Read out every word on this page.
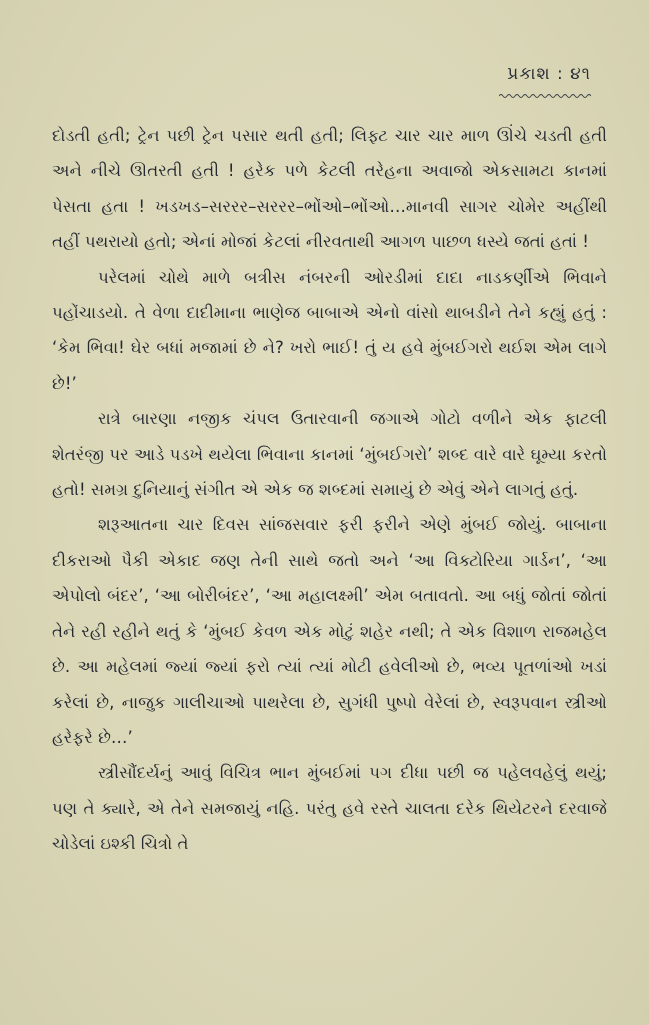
પ્રકાશ : ૪૧

દોડતી હતી; ટ્રેન પછી ટ્રેન પસાર થતી હતી; લિફ્ટ ચાર ચાર માળ ઊંચે ચડતી હતી અને નીચે ઊતરતી હતી ! હરેક પળે કેટલી તરેહના અવાજો એકસામટા કાનમાં પેસતા હતા ! ખડખડ–સરરર–સરરર–ભોંઓ–ભોંઓ…માનવી સાગર ચોમેર અહીંથી તહીં પથરાયો હતો; એનાં મોજાં કેટલાં નીરવતાથી આગળ પાછળ ધસ્યે જતાં હતાં !

પરેલમાં ચોથે માળે બત્રીસ નંબરની ઓરડીમાં દાદા નાડકર્ણીએ ભિવાને પહોંચાડયો. તે વેળા દાદીમાના ભાણેજ બાબાએ એનો વાંસો થાબડીને તેને કહ્યું હતું : ‘કેમ ભિવા! ઘેર બધાં મજામાં છે ને? ખરો ભાઈ! તું ય હવે મુંબઈગરો થઈશ એમ લાગે છે!’

રાત્રે બારણા નજીક ચંપલ ઉતારવાની જગાએ ગોટો વળીને એક ફાટલી શેતરંજી પર આડે પડખે થયેલા ભિવાના કાનમાં ‘મુંબઈગરો’ શબ્દ વારે વારે ઘૂમ્યા કરતો હતો! સમગ્ર દુનિયાનું સંગીત એ એક જ શબ્દમાં સમાયું છે એવું એને લાગતું હતું.

શરૂઆતના ચાર દિવસ સાંજસવાર ફરી ફરીને એણે મુંબઈ જોયું. બાબાના દીકરાઓ પૈકી એકાદ જણ તેની સાથે જતો અને ‘આ વિક્ટોરિયા ગાર્ડન’, ‘આ એપોલો બંદર’, ‘આ બોરીબંદર’, ‘આ મહાલક્ષ્મી’ એમ બતાવતો. આ બધું જોતાં જોતાં તેને રહી રહીને થતું કે ‘મુંબઈ કેવળ એક મોટું શહેર નથી; તે એક વિશાળ રાજમહેલ છે. આ મહેલમાં જ્યાં જ્યાં ફરો ત્યાં ત્યાં મોટી હવેલીઓ છે, ભવ્ય પૂતળાંઓ ખડાં કરેલાં છે, નાજુક ગાલીચાઓ પાથરેલા છે, સુગંધી પુષ્પો વેરેલાં છે, સ્વરૂપવાન સ્ત્રીઓ હરેફરે છે…’

સ્ત્રીસૌંદર્યનું આવું વિચિત્ર ભાન મુંબઈમાં પગ દીધા પછી જ પહેલવહેલું થયું; પણ તે ક્યારે, એ તેને સમજાયું નહિ. પરંતુ હવે રસ્તે ચાલતા દરેક થિયેટરને દરવાજે ચોડેલાં ઇશ્કી ચિત્રો તે
